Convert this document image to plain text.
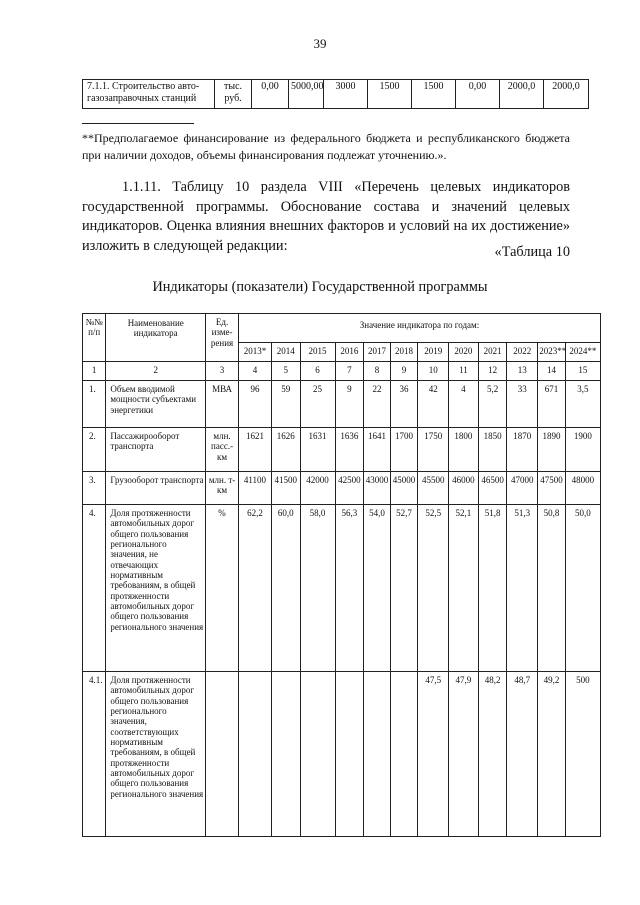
39
7.1.1. Строительство авто-газозаправочных станций	тыс. руб.	0,00	5000,00	3000	1500	1500	0,00	2000,0	2000,0
**Предполагаемое финансирование из федерального бюджета и республиканского бюджета при наличии доходов, объемы финансирования подлежат уточнению.».
1.1.11. Таблицу 10 раздела VIII «Перечень целевых индикаторов государственной программы. Обоснование состава и значений целевых индикаторов. Оценка влияния внешних факторов и условий на их достижение» изложить в следующей редакции:	«Таблица 10
Индикаторы (показатели) Государственной программы
№№ п/п	Наименование индикатора	Ед. изме-рения	Значение индикатора по годам:											
			2013*	2014	2015	2016	2017	2018	2019	2020	2021	2022	2023**	2024**
1	2	3	4	5	6	7	8	9	10	11	12	13	14	15
1.	Объем вводимой мощности субъектами энергетики	МВА	96	59	25	9	22	36	42	4	5,2	33	671	3,5
2.	Пассажирооборот транспорта	млн. пасс.-км	1621	1626	1631	1636	1641	1700	1750	1800	1850	1870	1890	1900
3.	Грузооборот транспорта	млн. т-км	41100	41500	42000	42500	43000	45000	45500	46000	46500	47000	47500	48000
4.	Доля протяженности автомобильных дорог общего пользования регионального значения, не отвечающих нормативным требованиям, в общей протяженности автомобильных дорог общего пользования регионального значения	%	62,2	60,0	58,0	56,3	54,0	52,7	52,5	52,1	51,8	51,3	50,8	50,0
4.1.	Доля протяженности автомобильных дорог общего пользования регионального значения, соответствующих нормативным требованиям, в общей протяженности автомобильных дорог общего пользования регионального значения								47,5	47,9	48,2	48,7	49,2	500
